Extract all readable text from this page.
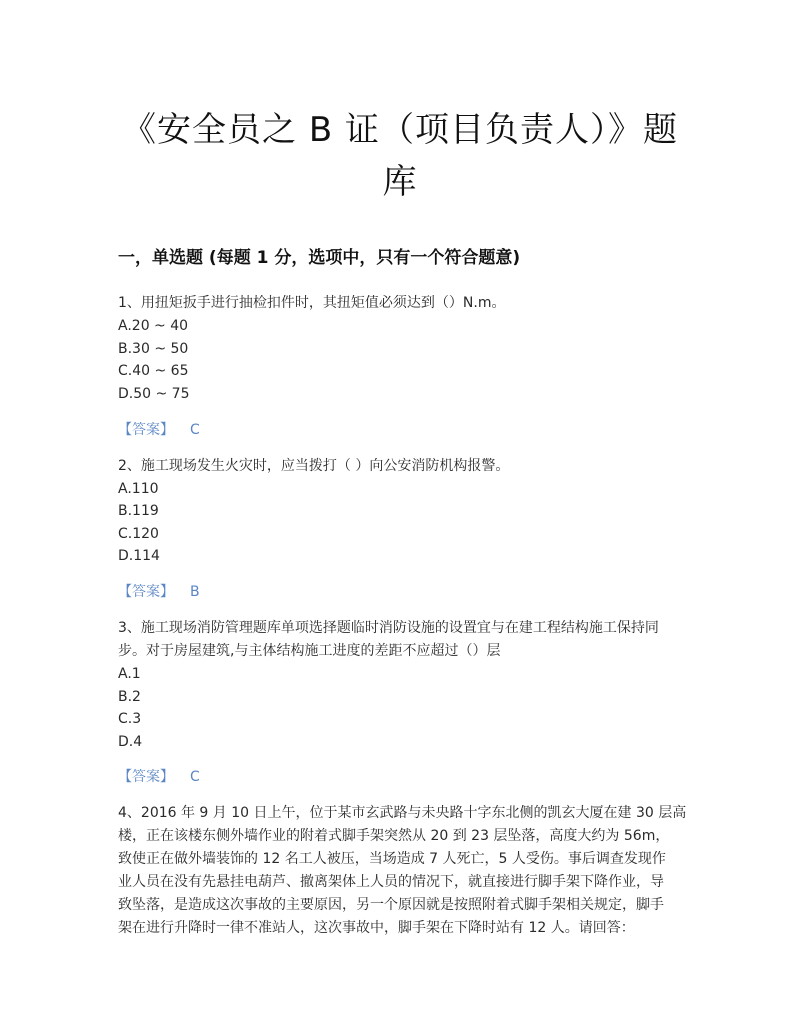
《安全员之 B 证（项目负责人）》题
库
一，单选题 (每题 1 分，选项中，只有一个符合题意)
1、用扭矩扳手进行抽检扣件时，其扭矩值必须达到（）N.m。
A.20 ~ 40
B.30 ~ 50
C.40 ~ 65
D.50 ~ 75
【答案】 C
2、施工现场发生火灾时，应当拨打（ ）向公安消防机构报警。
A.110
B.119
C.120
D.114
【答案】 B
3、施工现场消防管理题库单项选择题临时消防设施的设置宜与在建工程结构施工保持同
步。对于房屋建筑,与主体结构施工进度的差距不应超过（）层
A.1
B.2
C.3
D.4
【答案】 C
4、2016 年 9 月 10 日上午，位于某市玄武路与未央路十字东北侧的凯玄大厦在建 30 层高
楼，正在该楼东侧外墙作业的附着式脚手架突然从 20 到 23 层坠落，高度大约为 56m，
致使正在做外墙装饰的 12 名工人被压，当场造成 7 人死亡，5 人受伤。事后调查发现作
业人员在没有先悬挂电葫芦、撤离架体上人员的情况下，就直接进行脚手架下降作业，导
致坠落，是造成这次事故的主要原因，另一个原因就是按照附着式脚手架相关规定，脚手
架在进行升降时一律不准站人，这次事故中，脚手架在下降时站有 12 人。请回答：
